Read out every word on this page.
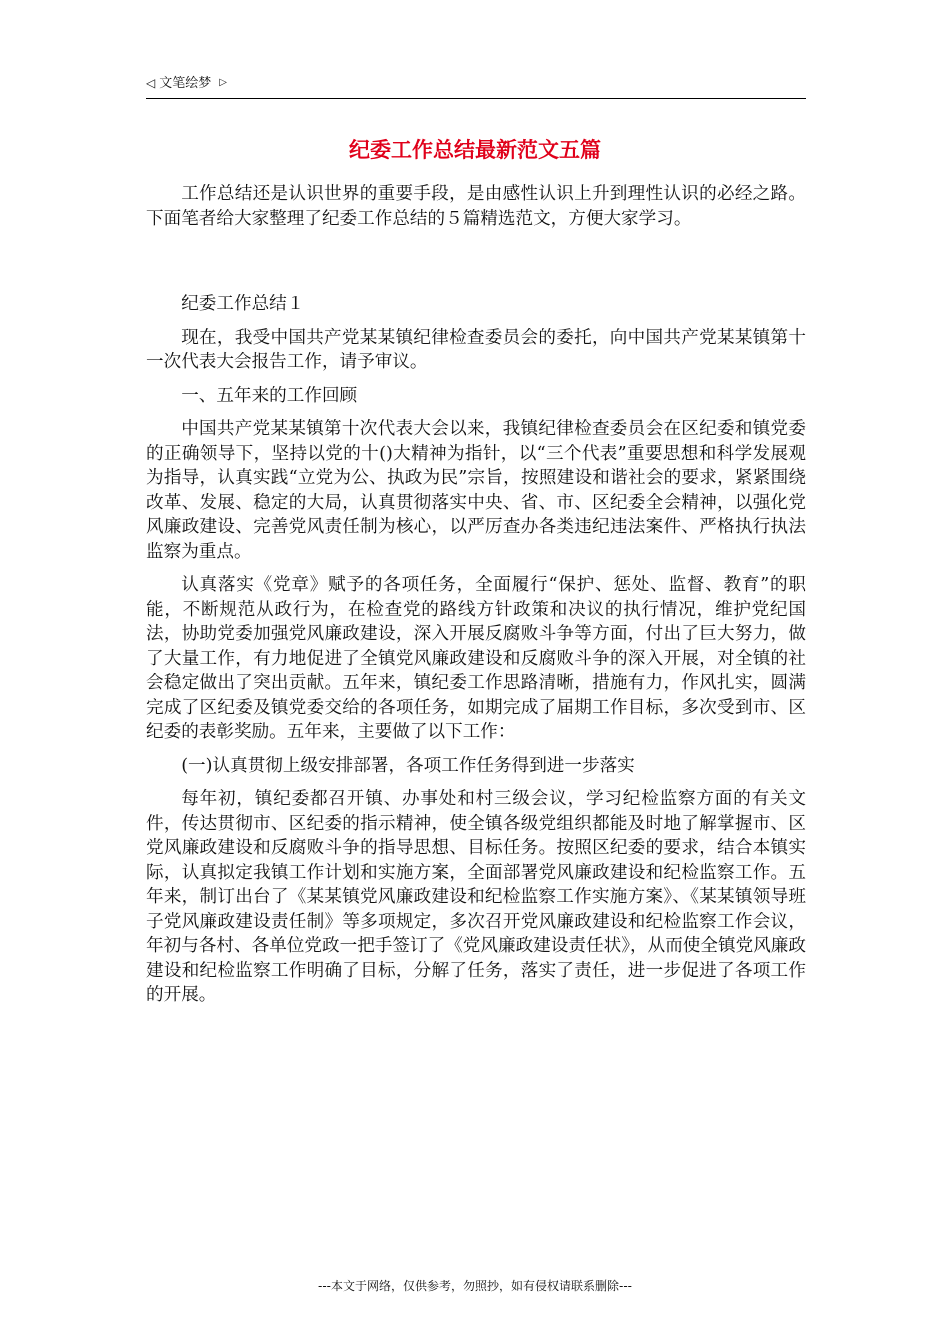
◁ 文笔绘梦 ▷
纪委工作总结最新范文五篇

工作总结还是认识世界的重要手段，是由感性认识上升到理性认识的必经之路。下面笔者给大家整理了纪委工作总结的５篇精选范文，方便大家学习。

纪委工作总结１

现在，我受中国共产党某某镇纪律检查委员会的委托，向中国共产党某某镇第十一次代表大会报告工作，请予审议。

一、五年来的工作回顾

中国共产党某某镇第十次代表大会以来，我镇纪律检查委员会在区纪委和镇党委的正确领导下，坚持以党的十()大精神为指针，以“三个代表”重要思想和科学发展观为指导，认真实践“立党为公、执政为民”宗旨，按照建设和谐社会的要求，紧紧围绕改革、发展、稳定的大局，认真贯彻落实中央、省、市、区纪委全会精神，以强化党风廉政建设、完善党风责任制为核心，以严厉查办各类违纪违法案件、严格执行执法监察为重点。

认真落实《党章》赋予的各项任务，全面履行“保护、惩处、监督、教育”的职能，不断规范从政行为，在检查党的路线方针政策和决议的执行情况，维护党纪国法，协助党委加强党风廉政建设，深入开展反腐败斗争等方面，付出了巨大努力，做了大量工作，有力地促进了全镇党风廉政建设和反腐败斗争的深入开展，对全镇的社会稳定做出了突出贡献。五年来，镇纪委工作思路清晰，措施有力，作风扎实，圆满完成了区纪委及镇党委交给的各项任务，如期完成了届期工作目标，多次受到市、区纪委的表彰奖励。五年来，主要做了以下工作：

(一)认真贯彻上级安排部署，各项工作任务得到进一步落实

每年初，镇纪委都召开镇、办事处和村三级会议，学习纪检监察方面的有关文件，传达贯彻市、区纪委的指示精神，使全镇各级党组织都能及时地了解掌握市、区党风廉政建设和反腐败斗争的指导思想、目标任务。按照区纪委的要求，结合本镇实际，认真拟定我镇工作计划和实施方案，全面部署党风廉政建设和纪检监察工作。五年来，制订出台了《某某镇党风廉政建设和纪检监察工作实施方案》、《某某镇领导班子党风廉政建设责任制》等多项规定，多次召开党风廉政建设和纪检监察工作会议，年初与各村、各单位党政一把手签订了《党风廉政建设责任状》，从而使全镇党风廉政建设和纪检监察工作明确了目标，分解了任务，落实了责任，进一步促进了各项工作的开展。

---本文于网络，仅供参考，勿照抄，如有侵权请联系删除---
